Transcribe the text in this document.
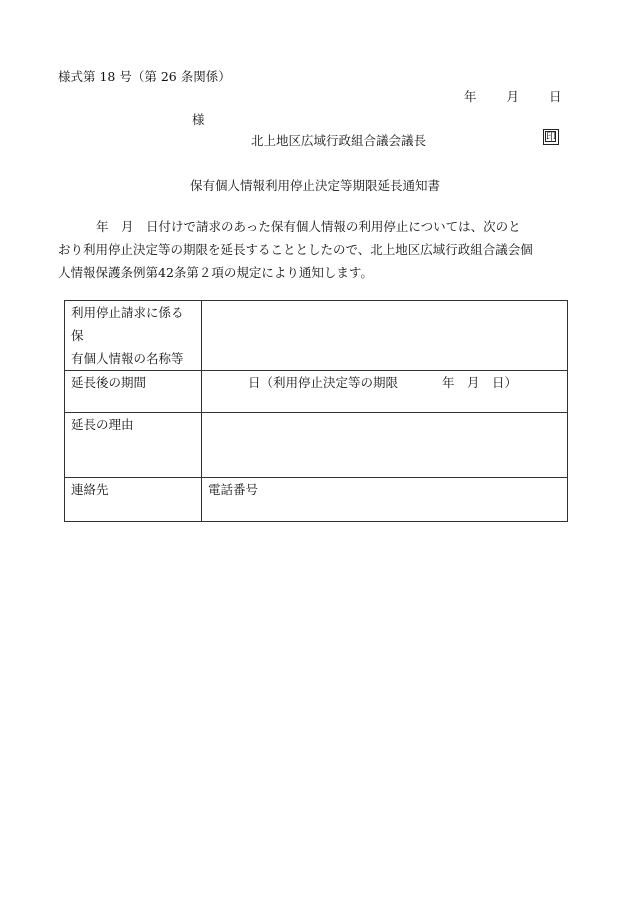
様式第 18 号（第 26 条関係）
年 月 日
様
北上地区広域行政組合議会議長	印
保有個人情報利用停止決定等期限延長通知書
年　月　日付けで請求のあった保有個人情報の利用停止については、次のと
おり利用停止決定等の期限を延長することとしたので、北上地区広域行政組合議会個
人情報保護条例第42条第２項の規定により通知します。
利用停止請求に係る保
有個人情報の名称等	

延長後の期間	日（利用停止決定等の期限 年　月　日）
延長の理由	
連絡先	電話番号
